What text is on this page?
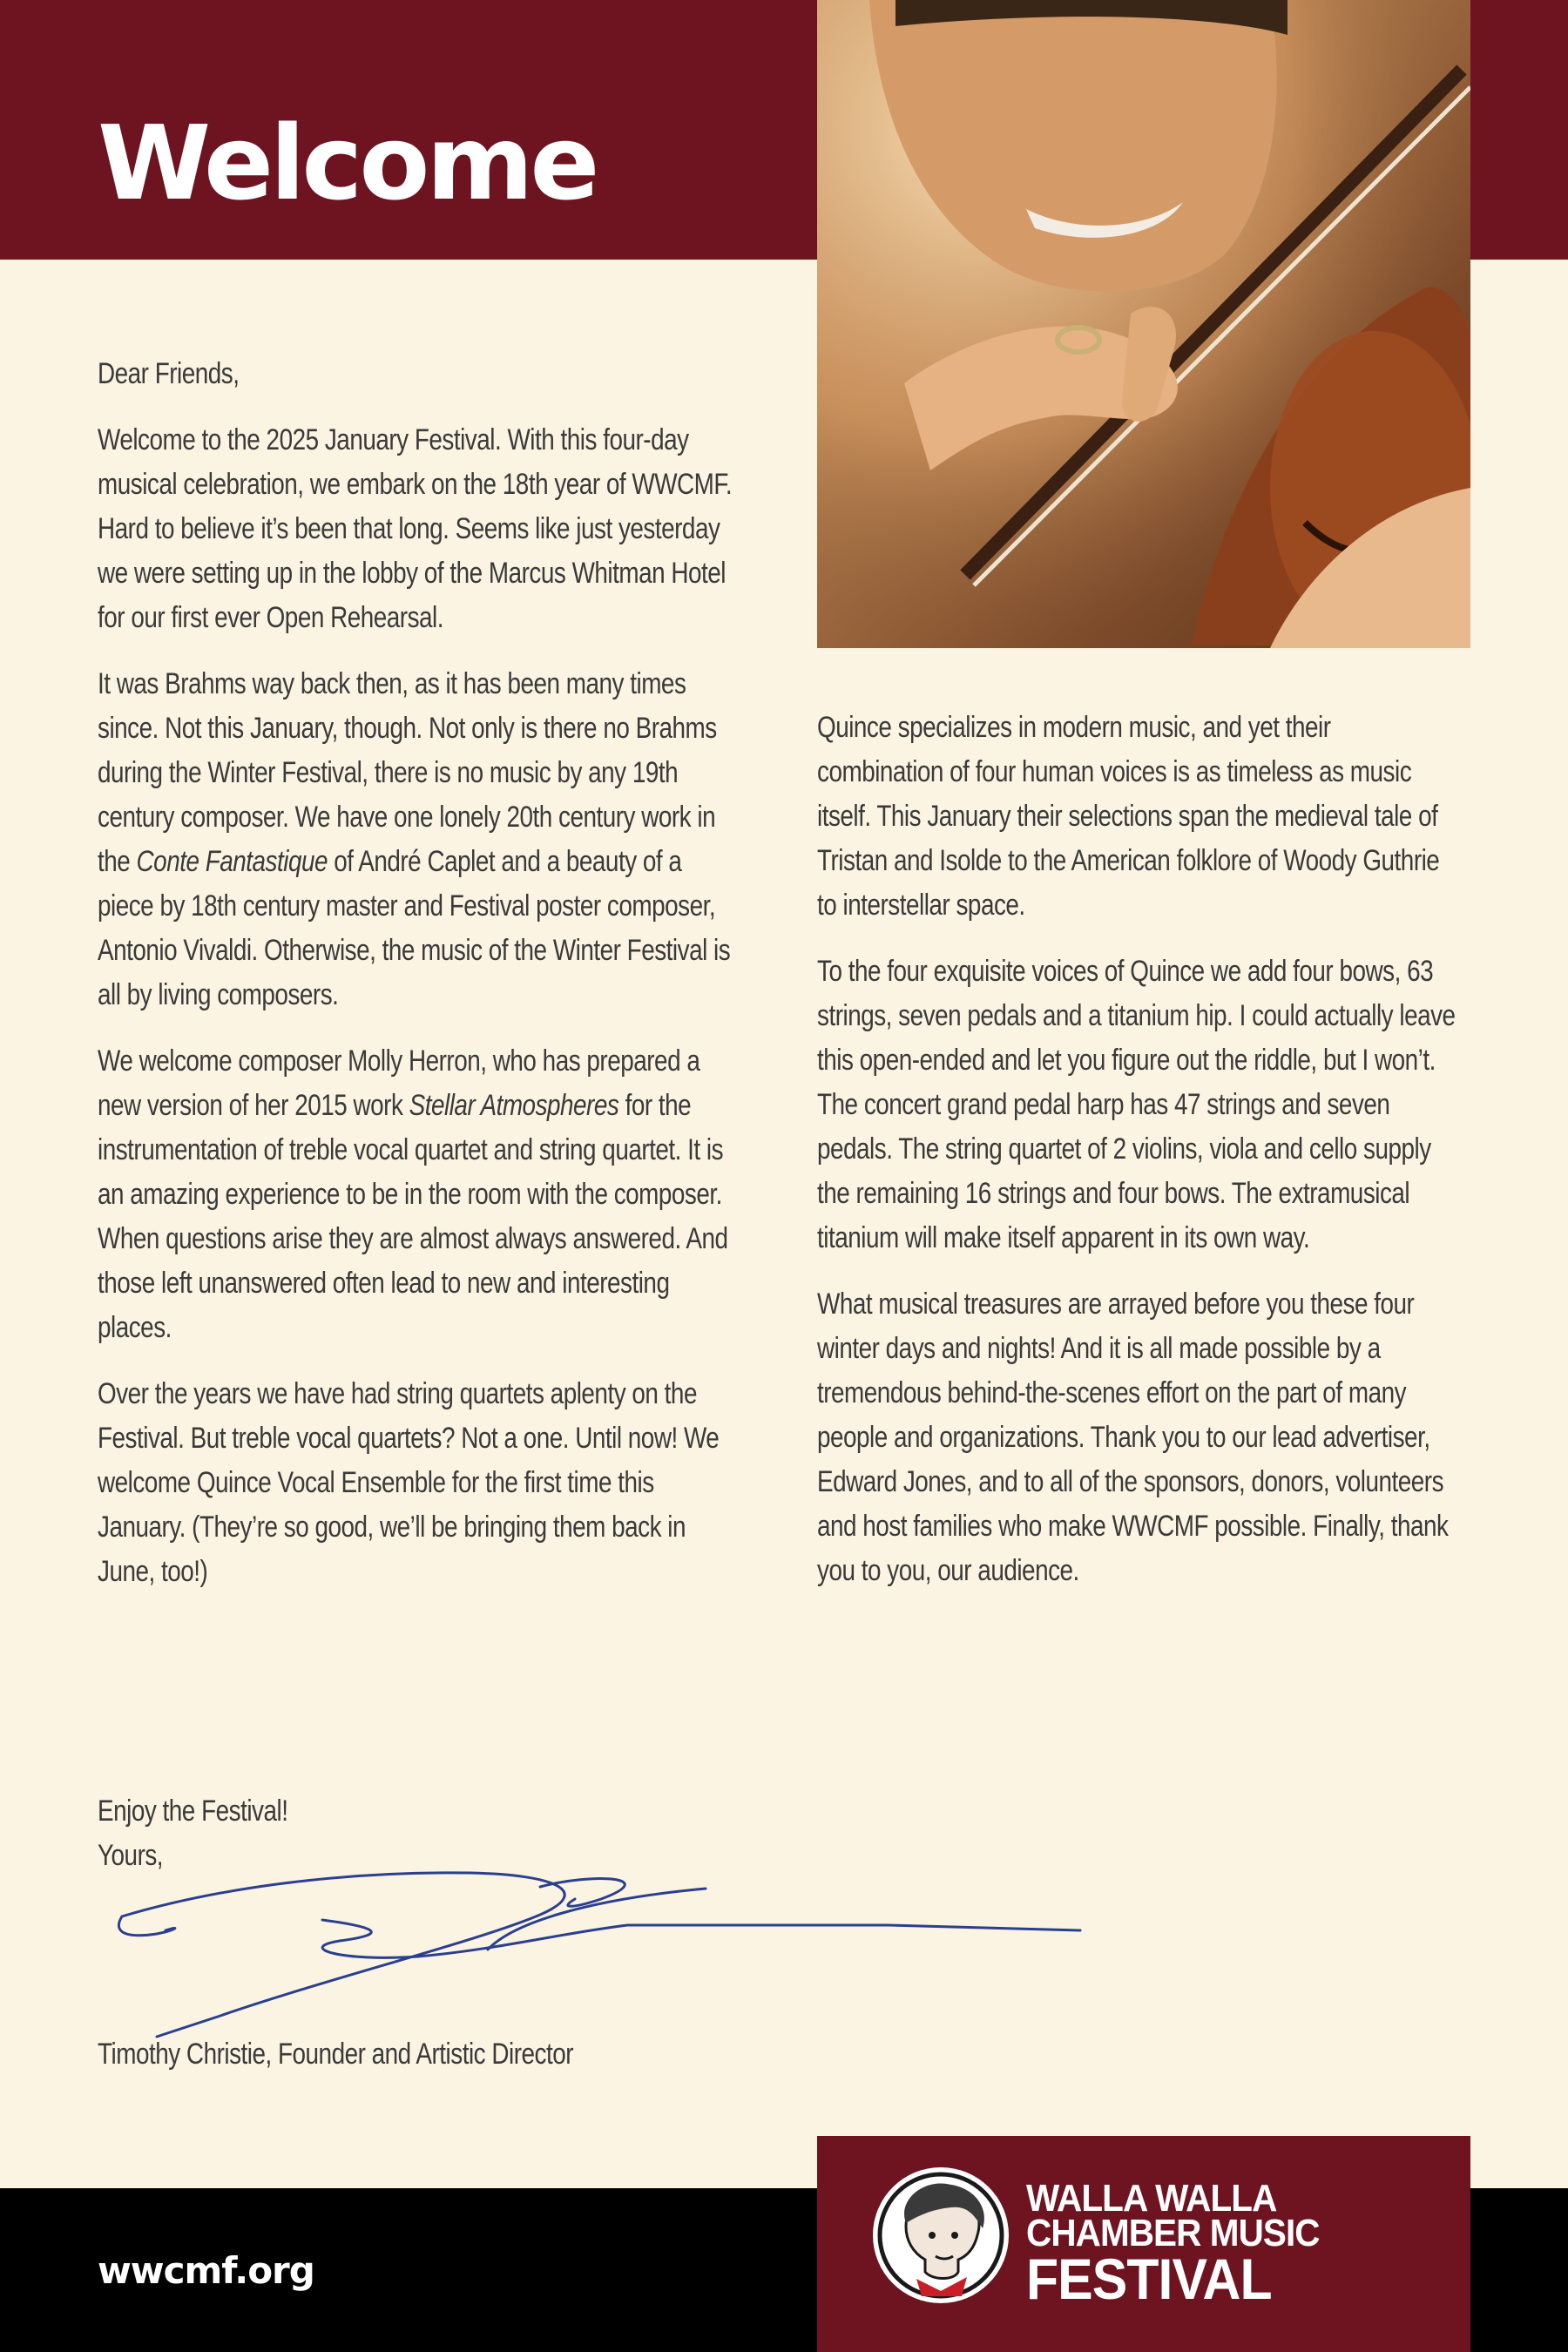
Welcome

Dear Friends,

Welcome to the 2025 January Festival. With this four-day musical celebration, we embark on the 18th year of WWCMF. Hard to believe it’s been that long. Seems like just yesterday we were setting up in the lobby of the Marcus Whitman Hotel for our first ever Open Rehearsal.

It was Brahms way back then, as it has been many times since. Not this January, though. Not only is there no Brahms during the Winter Festival, there is no music by any 19th century composer. We have one lonely 20th century work in the Conte Fantastique of André Caplet and a beauty of a piece by 18th century master and Festival poster composer, Antonio Vivaldi. Otherwise, the music of the Winter Festival is all by living composers.

We welcome composer Molly Herron, who has prepared a new version of her 2015 work Stellar Atmospheres for the instrumentation of treble vocal quartet and string quartet. It is an amazing experience to be in the room with the composer. When questions arise they are almost always answered. And those left unanswered often lead to new and interesting places.

Over the years we have had string quartets aplenty on the Festival. But treble vocal quartets? Not a one. Until now! We welcome Quince Vocal Ensemble for the first time this January. (They’re so good, we’ll be bringing them back in June, too!)

Quince specializes in modern music, and yet their combination of four human voices is as timeless as music itself. This January their selections span the medieval tale of Tristan and Isolde to the American folklore of Woody Guthrie to interstellar space.

To the four exquisite voices of Quince we add four bows, 63 strings, seven pedals and a titanium hip. I could actually leave this open-ended and let you figure out the riddle, but I won’t. The concert grand pedal harp has 47 strings and seven pedals. The string quartet of 2 violins, viola and cello supply the remaining 16 strings and four bows. The extramusical titanium will make itself apparent in its own way.

What musical treasures are arrayed before you these four winter days and nights! And it is all made possible by a tremendous behind-the-scenes effort on the part of many people and organizations. Thank you to our lead advertiser, Edward Jones, and to all of the sponsors, donors, volunteers and host families who make WWCMF possible. Finally, thank you to you, our audience.

Enjoy the Festival!
Yours,
Timothy Christie, Founder and Artistic Director
wwcmf.org
WALLA WALLA
CHAMBER MUSIC
FESTIVAL
